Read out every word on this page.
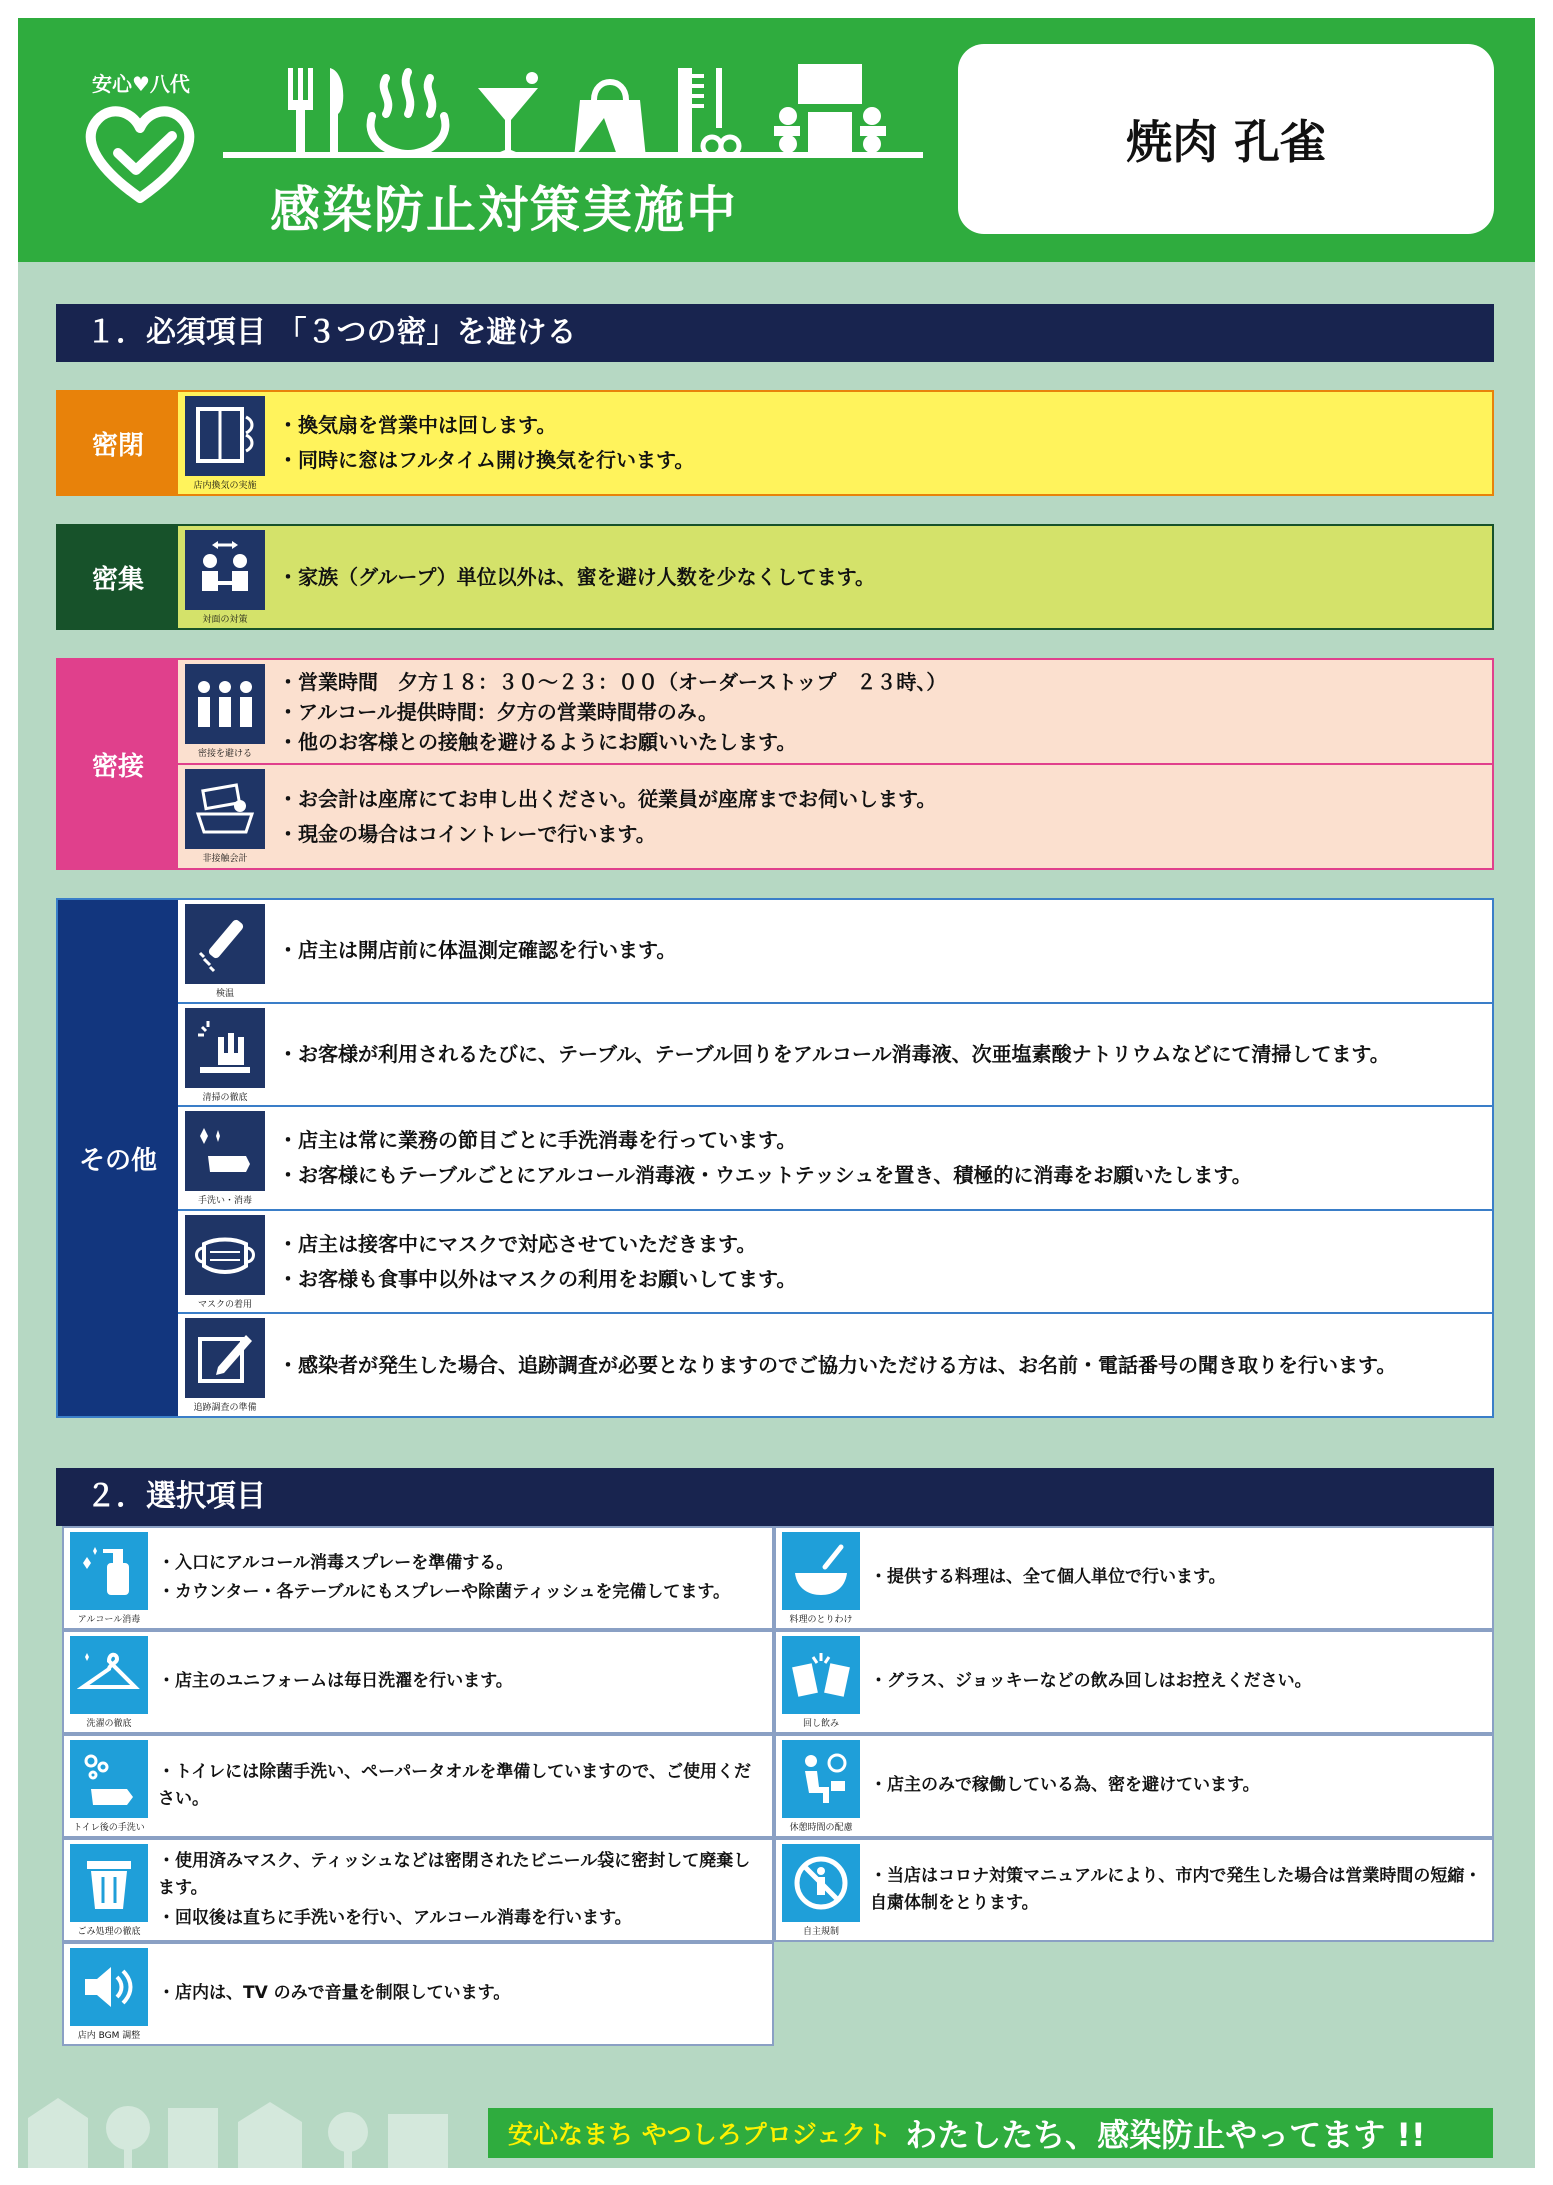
安心♥八代
感染防止対策実施中
焼肉 孔雀
１．必須項目 「３つの密」を避ける
密閉
店内換気の実施

・換気扇を営業中は回します。

・同時に窓はフルタイム開け換気を行います。

密集
対面の対策

・家族（グループ）単位以外は、蜜を避け人数を少なくしてます。

密接	密接を避ける

・営業時間　夕方１８：３０～２３：００（オーダーストップ　２３時、）

・アルコール提供時間：夕方の営業時間帯のみ。

・他のお客様との接触を避けるようにお願いいたします。

非接触会計

・お会計は座席にてお申し出ください。従業員が座席までお伺いします。

・現金の場合はコイントレーで行います。

その他
検温

・店主は開店前に体温測定確認を行います。

清掃の徹底

・お客様が利用されるたびに、テーブル、テーブル回りをアルコール消毒液、次亜塩素酸ナトリウムなどにて清掃してます。

手洗い・消毒

・店主は常に業務の節目ごとに手洗消毒を行っています。

・お客様にもテーブルごとにアルコール消毒液・ウエットテッシュを置き、積極的に消毒をお願いたします。

マスクの着用

・店主は接客中にマスクで対応させていただきます。

・お客様も食事中以外はマスクの利用をお願いしてます。

追跡調査の準備

・感染者が発生した場合、追跡調査が必要となりますのでご協力いただける方は、お名前・電話番号の聞き取りを行います。

２．選択項目
アルコール消毒

・入口にアルコール消毒スプレーを準備する。

・カウンター・各テーブルにもスプレーや除菌ティッシュを完備してます。

洗濯の徹底

・店主のユニフォームは毎日洗濯を行います。

トイレ後の手洗い

・トイレには除菌手洗い、ペーパータオルを準備していますので、ご使用ください。

ごみ処理の徹底

・使用済みマスク、ティッシュなどは密閉されたビニール袋に密封して廃棄します。

・回収後は直ちに手洗いを行い、アルコール消毒を行います。

店内 BGM 調整

・店内は、TV のみで音量を制限しています。

料理のとりわけ

・提供する料理は、全て個人単位で行います。

回し飲み

・グラス、ジョッキーなどの飲み回しはお控えください。

休憩時間の配慮

・店主のみで稼働している為、密を避けています。

自主規制

・当店はコロナ対策マニュアルにより、市内で発生した場合は営業時間の短縮・自粛体制をとります。

安心なまち やつしろプロジェクト わたしたち、感染防止やってます !!
